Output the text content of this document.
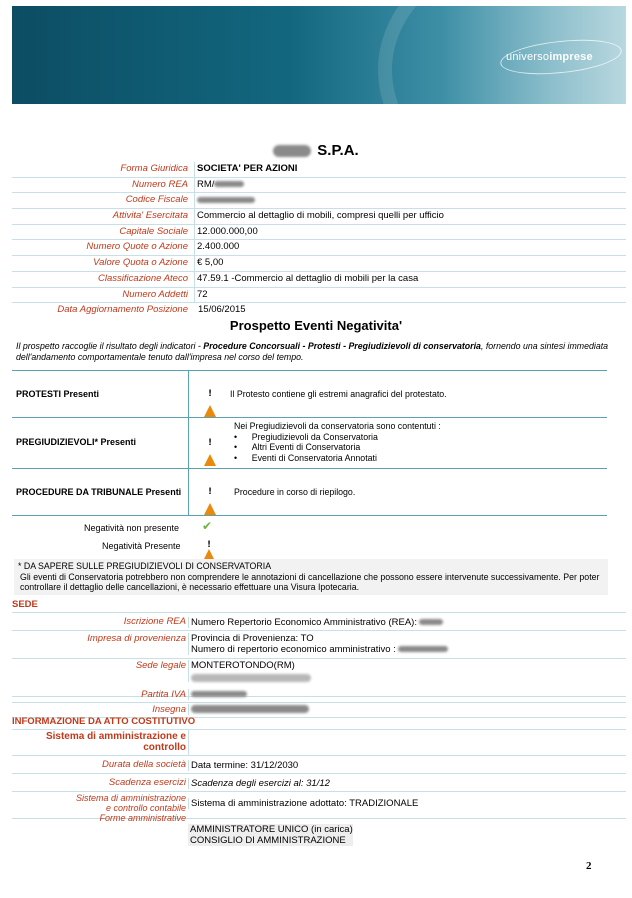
universoimprese
S.P.A.
Forma Giuridica SOCIETA' PER AZIONI
Numero REA RM/
Codice Fiscale
Attivita' Esercitata Commercio al dettaglio di mobili, compresi quelli per ufficio
Capitale Sociale 12.000.000,00
Numero Quote o Azione 2.400.000
Valore Quota o Azione € 5,00
Classificazione Ateco 47.59.1 -Commercio al dettaglio di mobili per la casa
Numero Addetti 72
Data Aggiornamento Posizione	15/06/2015
Prospetto Eventi Negativita'
Il prospetto raccoglie il risultato degli indicatori - Procedure Concorsuali - Protesti - Pregiudizievoli di conservatoria, fornendo una sintesi immediata dell'andamento comportamentale tenuto dall'impresa nel corso del tempo.
PROTESTI Presenti !	Il Protesto contiene gli estremi anagrafici del protestato.
PREGIUDIZIEVOLI* Presenti
!
Nei Pregiudizievoli da conservatoria sono contentuti :
•      Pregiudizievoli da Conservatoria
•      Altri Eventi di Conservatoria
•      Eventi di Conservatoria Annotati
PROCEDURE DA TRIBUNALE Presenti !	Procedure in corso di riepilogo.
Negatività non presente ✔
Negatività Presente
!
* DA SAPERE SULLE PREGIUDIZIEVOLI DI CONSERVATORIA
Gli eventi di Conservatoria potrebbero non comprendere le annotazioni di cancellazione che possono essere intervenute successivamente. Per poter controllare il dettaglio delle cancellazioni, è necessario effettuare una Visura Ipotecaria.
SEDE
Iscrizione REA Numero Repertorio Economico Amministrativo (REA):
Impresa di provenienza Provincia di Provenienza: TO
Numero di repertorio economico amministrativo :
Sede legale MONTEROTONDO(RM)

Partita IVA
Insegna
INFORMAZIONE DA ATTO COSTITUTIVO
Sistema di amministrazione e
controllo
Durata della società Data termine: 31/12/2030
Scadenza esercizi Scadenza degli esercizi al: 31/12
Sistema di amministrazione
e controllo contabile Sistema di amministrazione adottato: TRADIZIONALE
Forme amministrative
AMMINISTRATORE UNICO (in carica)
CONSIGLIO DI AMMINISTRAZIONE
2
